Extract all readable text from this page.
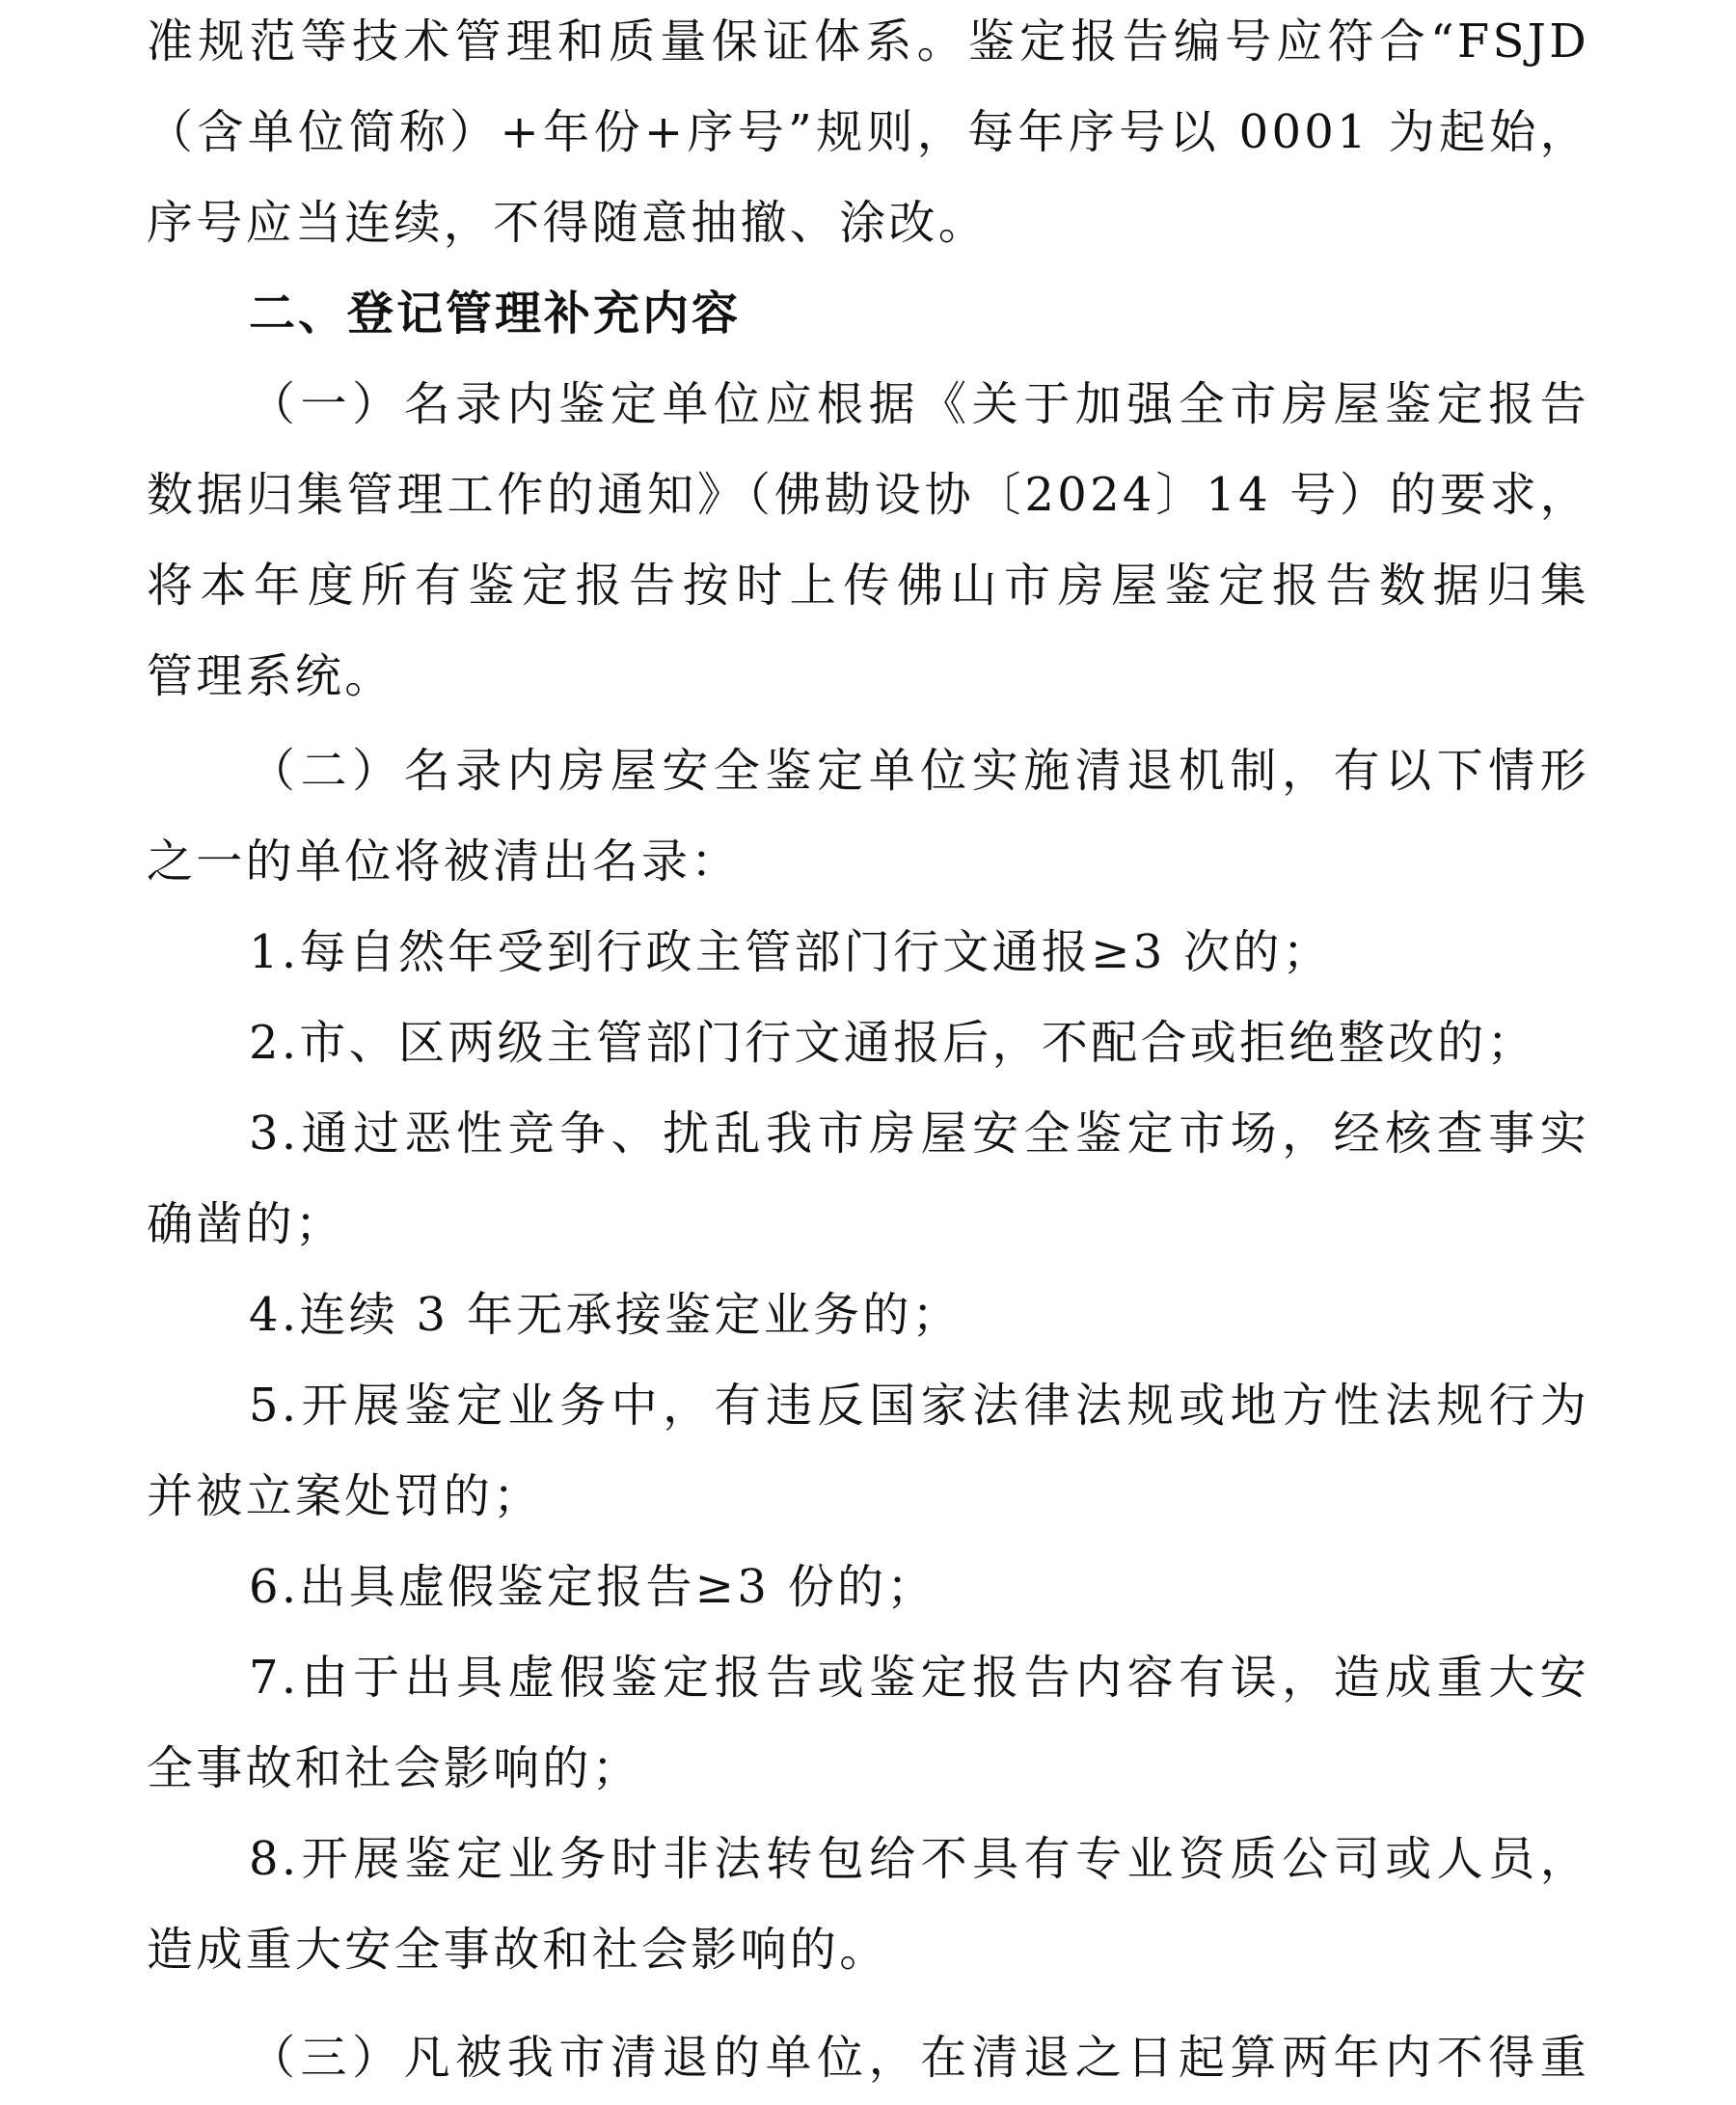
准规范等技术管理和质量保证体系。鉴定报告编号应符合“FSJD
（含单位简称）+年份+序号”规则，每年序号以 0001 为起始，
序号应当连续，不得随意抽撤、涂改。
二、登记管理补充内容
（一）名录内鉴定单位应根据《关于加强全市房屋鉴定报告
数据归集管理工作的通知》（佛勘设协〔2024〕14 号）的要求，
将本年度所有鉴定报告按时上传佛山市房屋鉴定报告数据归集
管理系统。
（二）名录内房屋安全鉴定单位实施清退机制，有以下情形
之一的单位将被清出名录：
1.每自然年受到行政主管部门行文通报≥3 次的；
2.市、区两级主管部门行文通报后，不配合或拒绝整改的；
3.通过恶性竞争、扰乱我市房屋安全鉴定市场，经核查事实
确凿的；
4.连续 3 年无承接鉴定业务的；
5.开展鉴定业务中，有违反国家法律法规或地方性法规行为
并被立案处罚的；
6.出具虚假鉴定报告≥3 份的；
7.由于出具虚假鉴定报告或鉴定报告内容有误，造成重大安
全事故和社会影响的；
8.开展鉴定业务时非法转包给不具有专业资质公司或人员，
造成重大安全事故和社会影响的。
（三）凡被我市清退的单位，在清退之日起算两年内不得重
